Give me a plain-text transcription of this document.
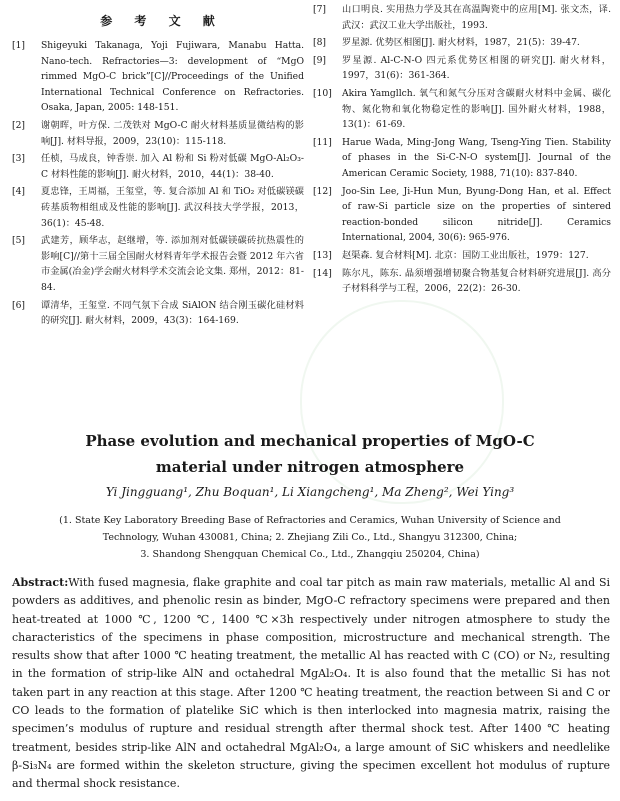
参 考 文 献
[1] Shigeyuki Takanaga, Yoji Fujiwara, Manabu Hatta. Nano-tech. Refractories—3: development of “MgO rimmed MgO-C brick”[C]//Proceedings of the Unified International Technical Conference on Refractories. Osaka, Japan, 2005: 148-151.
[2] 谢朝晖，叶方保. 二茂铁对 MgO-C 耐火材料基质显微结构的影响[J]. 材料导报，2009，23(10)：115-118.
[3] 任桢，马成良，钟香崇. 加入 Al 粉和 Si 粉对低碳 MgO-Al₂O₃-C 材料性能的影响[J]. 耐火材料，2010，44(1)：38-40.
[4] 夏忠锋，王周福，王玺堂，等. 复合添加 Al 和 TiO₂ 对低碳镁碳砖基质物相组成及性能的影响[J]. 武汉科技大学学报，2013，36(1)：45-48.
[5] 武建芳，顾华志，赵继增，等. 添加剂对低碳镁碳砖抗热震性的影响[C]//第十三届全国耐火材料青年学术报告会暨 2012 年六省市金属(冶金)学会耐火材料学术交流会论文集. 郑州，2012：81-84.
[6] 谭清华，王玺堂. 不同气氛下合成 SiAlON 结合刚玉碳化硅材料的研究[J]. 耐火材料，2009，43(3)：164-169.
[7] 山口明良. 实用热力学及其在高温陶瓷中的应用[M]. 张文杰，译. 武汉：武汉工业大学出版社，1993.
[8] 罗星源. 优势区相图[J]. 耐火材料，1987，21(5)：39-47.
[9] 罗星源. Al-C-N-O 四元系优势区相图的研究[J]. 耐火材料，1997，31(6)：361-364.
[10] Akira Yamgllch. 氧气和氮气分压对含碳耐火材料中金属、碳化物、氮化物和氧化物稳定性的影响[J]. 国外耐火材料，1988，13(1)：61-69.
[11] Harue Wada, Ming-Jong Wang, Tseng-Ying Tien. Stability of phases in the Si-C-N-O system[J]. Journal of the American Ceramic Society, 1988, 71(10): 837-840.
[12] Joo-Sin Lee, Ji-Hun Mun, Byung-Dong Han, et al. Effect of raw-Si particle size on the properties of sintered reaction-bonded silicon nitride[J]. Ceramics International, 2004, 30(6): 965-976.
[13] 赵渠森. 复合材料[M]. 北京：国防工业出版社，1979：127.
[14] 陈尔凡，陈东. 晶须增强增韧聚合物基复合材料研究进展[J]. 高分子材料科学与工程，2006，22(2)：26-30.
Phase evolution and mechanical properties of MgO-C
material under nitrogen atmosphere
Yi Jingguang¹, Zhu Boquan¹, Li Xiangcheng¹, Ma Zheng², Wei Ying³
(1. State Key Laboratory Breeding Base of Refractories and Ceramics, Wuhan University of Science and
Technology, Wuhan 430081, China; 2. Zhejiang Zili Co., Ltd., Shangyu 312300, China;
3. Shandong Shengquan Chemical Co., Ltd., Zhangqiu 250204, China)
Abstract:With fused magnesia, flake graphite and coal tar pitch as main raw materials, metallic Al and Si powders as additives, and phenolic resin as binder, MgO-C refractory specimens were prepared and then heat-treated at 1000 ℃, 1200 ℃, 1400 ℃×3h respectively under nitrogen atmosphere to study the characteristics of the specimens in phase composition, microstructure and mechanical strength. The results show that after 1000 ℃ heating treatment, the metallic Al has reacted with C (CO) or N₂, resulting in the formation of strip-like AlN and octahedral MgAl₂O₄. It is also found that the metallic Si has not taken part in any reaction at this stage. After 1200 ℃ heating treatment, the reaction between Si and C or CO leads to the formation of platelike SiC which is then interlocked into magnesia matrix, raising the specimen’s modulus of rupture and residual strength after thermal shock test. After 1400 ℃ heating treatment, besides strip-like AlN and octahedral MgAl₂O₄, a large amount of SiC whiskers and needlelike β-Si₃N₄ are formed within the skeleton structure, giving the specimen excellent hot modulus of rupture and thermal shock resistance.
